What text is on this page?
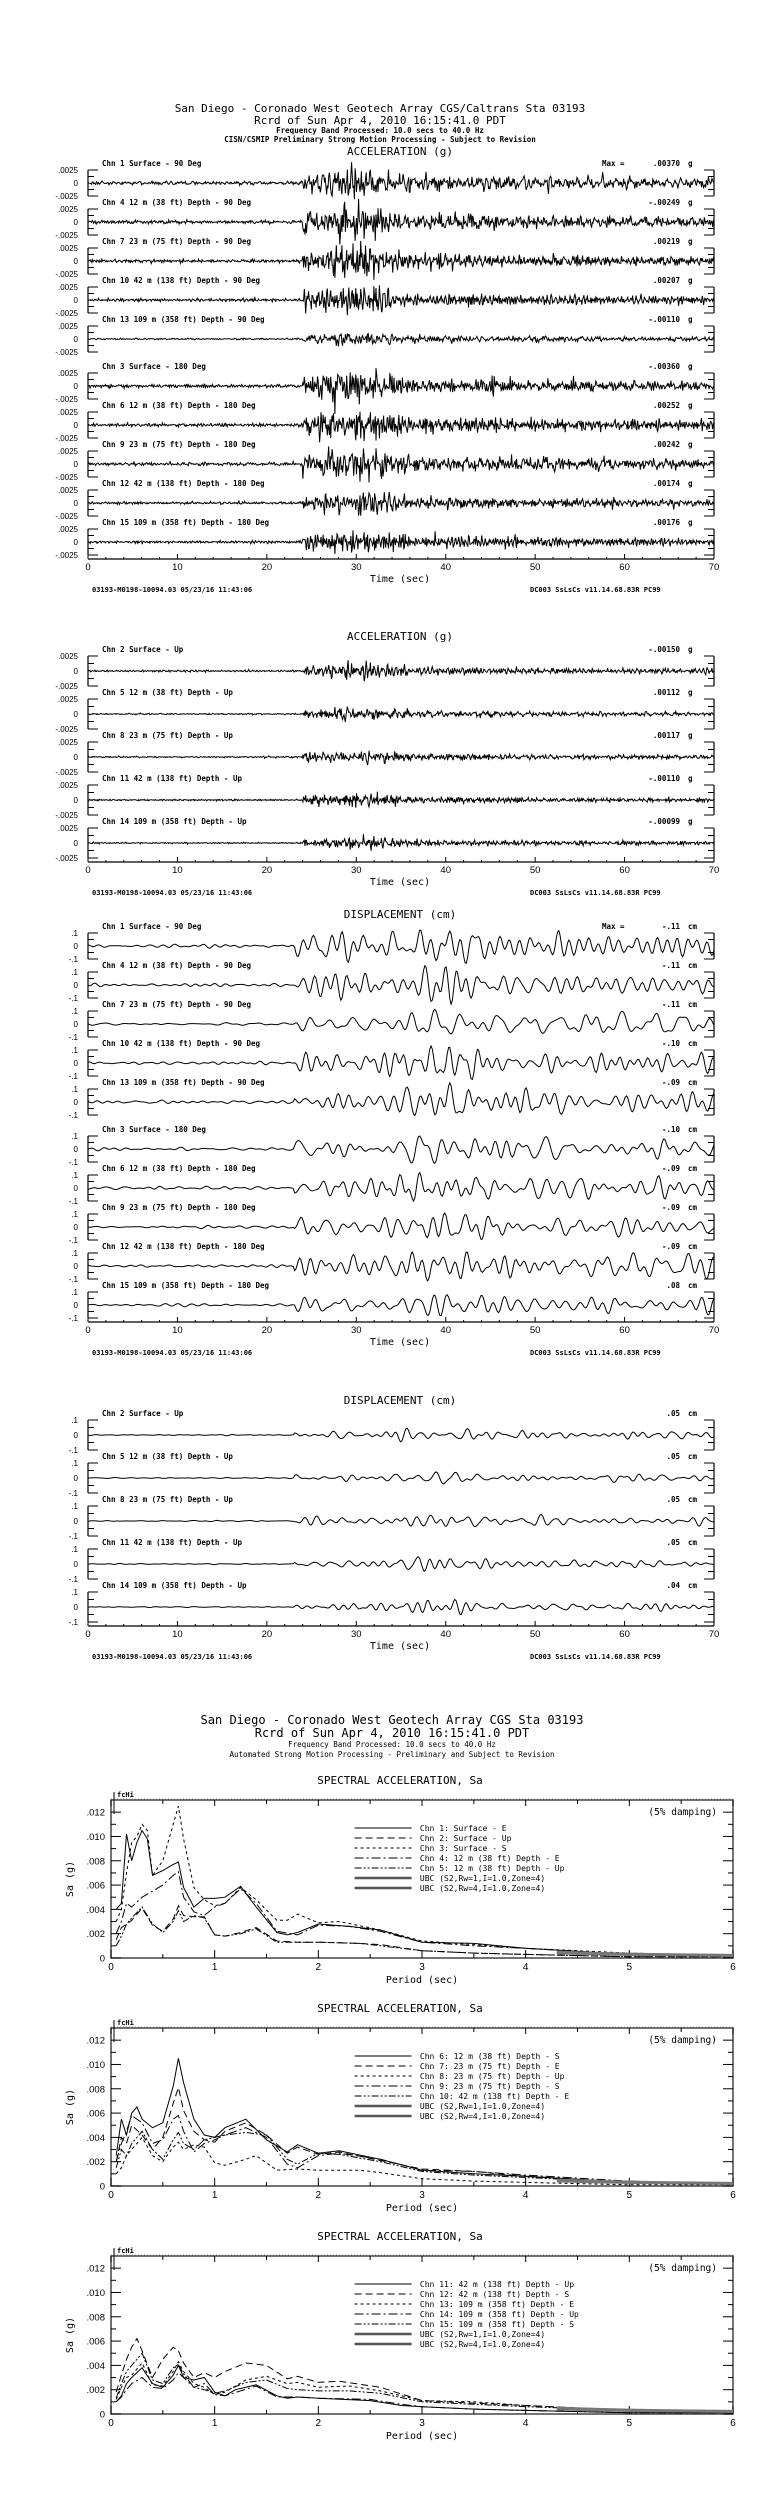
San Diego - Coronado West Geotech Array CGS/Caltrans Sta 03193
Rcrd of Sun Apr 4, 2010 16:15:41.0 PDT
Frequency Band Processed: 10.0 secs to 40.0 Hz
CISN/CSMIP Preliminary Strong Motion Processing - Subject to Revision
San Diego - Coronado West Geotech Array CGS Sta 03193
Rcrd of Sun Apr 4, 2010 16:15:41.0 PDT
Frequency Band Processed: 10.0 secs to 40.0 Hz
Automated Strong Motion Processing - Preliminary and Subject to Revision
ACCELERATION (g)
.0025
0
-.0025
Chn 1 Surface - 90 Deg	Max =	.00370 g
.0025
0
-.0025
Chn 4 12 m (38 ft) Depth - 90 Deg	-.00249 g
.0025
0
-.0025
Chn 7 23 m (75 ft) Depth - 90 Deg	.00219 g
.0025
0
-.0025
Chn 10 42 m (138 ft) Depth - 90 Deg	.00207 g
.0025
0
-.0025
Chn 13 109 m (358 ft) Depth - 90 Deg	-.00110 g
.0025
0
-.0025
Chn 3 Surface - 180 Deg	-.00360 g
.0025
0
-.0025
Chn 6 12 m (38 ft) Depth - 180 Deg	.00252 g
.0025
0
-.0025
Chn 9 23 m (75 ft) Depth - 180 Deg	.00242 g
.0025
0
-.0025
Chn 12 42 m (138 ft) Depth - 180 Deg	.00174 g
.0025
0
-.0025
Chn 15 109 m (358 ft) Depth - 180 Deg	.00176 g
0	10	20	30	40	50	60	70
Time (sec)
03193-M0198-10094.03 05/23/16 11:43:06	DC003 SsLsCs v11.14.68.83R PC99
ACCELERATION (g)
.0025
0
-.0025
Chn 2 Surface - Up	-.00150 g
.0025
0
-.0025
Chn 5 12 m (38 ft) Depth - Up	.00112 g
.0025
0
-.0025
Chn 8 23 m (75 ft) Depth - Up	.00117 g
.0025
0
-.0025
Chn 11 42 m (138 ft) Depth - Up	-.00110 g
.0025
0
-.0025
Chn 14 109 m (358 ft) Depth - Up	-.00099 g
0	10	20	30	40	50	60	70
Time (sec)
03193-M0198-10094.03 05/23/16 11:43:06	DC003 SsLsCs v11.14.68.83R PC99
DISPLACEMENT (cm)
.1
0
-.1
Chn 1 Surface - 90 Deg	Max =	-.11 cm
.1
0
-.1
Chn 4 12 m (38 ft) Depth - 90 Deg	-.11 cm
.1
0
-.1
Chn 7 23 m (75 ft) Depth - 90 Deg	-.11 cm
.1
0
-.1
Chn 10 42 m (138 ft) Depth - 90 Deg	-.10 cm
.1
0
-.1
Chn 13 109 m (358 ft) Depth - 90 Deg	-.09 cm
.1
0
-.1
Chn 3 Surface - 180 Deg	-.10 cm
.1
0
-.1
Chn 6 12 m (38 ft) Depth - 180 Deg	-.09 cm
.1
0
-.1
Chn 9 23 m (75 ft) Depth - 180 Deg	-.09 cm
.1
0
-.1
Chn 12 42 m (138 ft) Depth - 180 Deg	-.09 cm
.1
0
-.1
Chn 15 109 m (358 ft) Depth - 180 Deg	.08 cm
0	10	20	30	40	50	60	70
Time (sec)
03193-M0198-10094.03 05/23/16 11:43:06	DC003 SsLsCs v11.14.68.83R PC99
DISPLACEMENT (cm)
.1
0
-.1
Chn 2 Surface - Up	.05 cm
.1
0
-.1
Chn 5 12 m (38 ft) Depth - Up	.05 cm
.1
0
-.1
Chn 8 23 m (75 ft) Depth - Up	.05 cm
.1
0
-.1
Chn 11 42 m (138 ft) Depth - Up	.05 cm
.1
0
-.1
Chn 14 109 m (358 ft) Depth - Up	.04 cm
0	10	20	30	40	50	60	70
Time (sec)
03193-M0198-10094.03 05/23/16 11:43:06	DC003 SsLsCs v11.14.68.83R PC99
SPECTRAL ACCELERATION, Sa
fcHi
0
.002
.004
.006
.008
.010
.012
0	1	2	3	4	5	6
Period (sec)
Sa (g)
(5% damping)
Chn 1: Surface - E
Chn 2: Surface - Up
Chn 3: Surface - S
Chn 4: 12 m (38 ft) Depth - E
Chn 5: 12 m (38 ft) Depth - Up
UBC (S2,Rw=1,I=1.0,Zone=4)
UBC (S2,Rw=4,I=1.0,Zone=4)
SPECTRAL ACCELERATION, Sa
fcHi
0
.002
.004
.006
.008
.010
.012
0	1	2	3	4	5	6
Period (sec)
Sa (g)
(5% damping)
Chn 6: 12 m (38 ft) Depth - S
Chn 7: 23 m (75 ft) Depth - E
Chn 8: 23 m (75 ft) Depth - Up
Chn 9: 23 m (75 ft) Depth - S
Chn 10: 42 m (138 ft) Depth - E
UBC (S2,Rw=1,I=1.0,Zone=4)
UBC (S2,Rw=4,I=1.0,Zone=4)
SPECTRAL ACCELERATION, Sa
fcHi
0
.002
.004
.006
.008
.010
.012
0	1	2	3	4	5	6
Period (sec)
Sa (g)
(5% damping)
Chn 11: 42 m (138 ft) Depth - Up
Chn 12: 42 m (138 ft) Depth - S
Chn 13: 109 m (358 ft) Depth - E
Chn 14: 109 m (358 ft) Depth - Up
Chn 15: 109 m (358 ft) Depth - S
UBC (S2,Rw=1,I=1.0,Zone=4)
UBC (S2,Rw=4,I=1.0,Zone=4)
